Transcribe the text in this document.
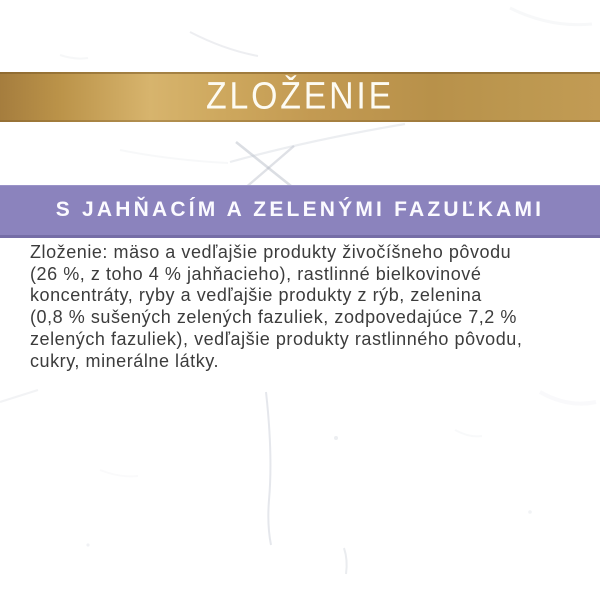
ZLOŽENIE
S JAHŇACÍM A ZELENÝMI FAZUĽKAMI
Zloženie: mäso a vedľajšie produkty živočíšneho pôvodu
(26 %, z toho 4 % jahňacieho), rastlinné bielkovinové
koncentráty, ryby a vedľajšie produkty z rýb, zelenina
(0,8 % sušených zelených fazuliek, zodpovedajúce 7,2 %
zelených fazuliek), vedľajšie produkty rastlinného pôvodu,
cukry, minerálne látky.
